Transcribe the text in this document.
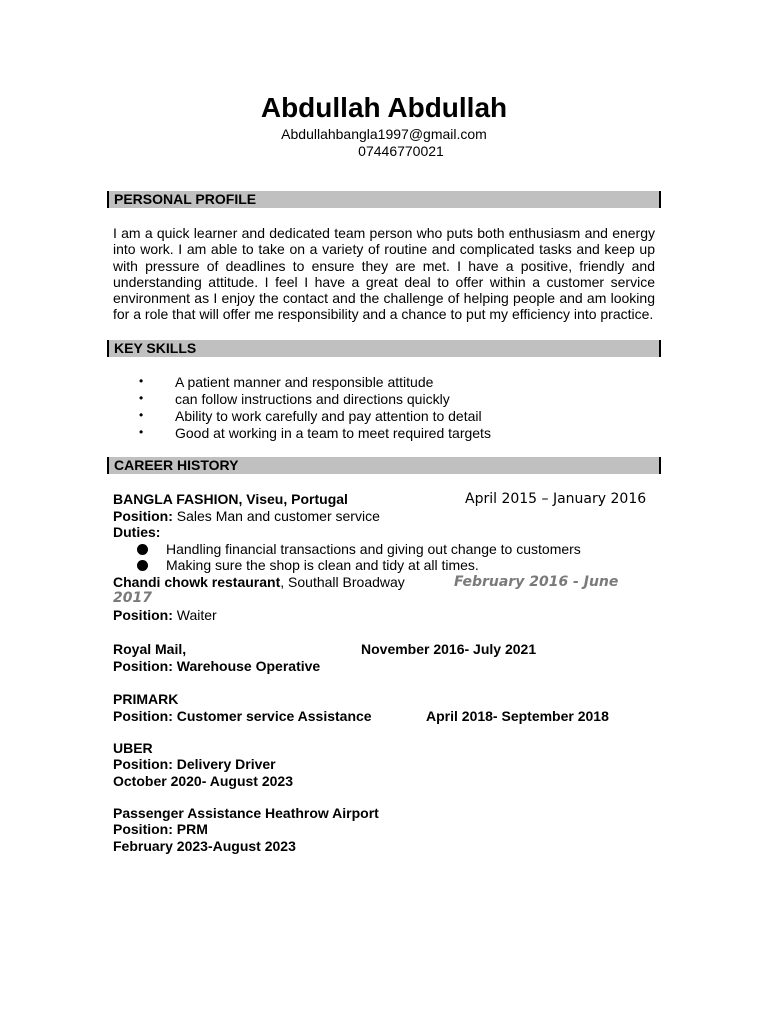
Abdullah Abdullah
Abdullahbangla1997@gmail.com
07446770021
PERSONAL PROFILE
I am a quick learner and dedicated team person who puts both enthusiasm and energy into work. I am able to take on a variety of routine and complicated tasks and keep up with pressure of deadlines to ensure they are met. I have a positive, friendly and understanding attitude. I feel I have a great deal to offer within a customer service environment as I enjoy the contact and the challenge of helping people and am looking for a role that will offer me responsibility and a chance to put my efficiency into practice.
KEY SKILLS
• A patient manner and responsible attitude
• can follow instructions and directions quickly
• Ability to work carefully and pay attention to detail
• Good at working in a team to meet required targets
CAREER HISTORY
BANGLA FASHION, Viseu, Portugal	April 2015 – January 2016
Position: Sales Man and customer service
Duties:
Handling financial transactions and giving out change to customers
Making sure the shop is clean and tidy at all times.
Chandi chowk restaurant, Southall Broadway	February 2016 - June
2017
Position: Waiter
Royal Mail,	November 2016- July 2021
Position: Warehouse Operative
PRIMARK
Position: Customer service Assistance	April 2018- September 2018
UBER
Position: Delivery Driver
October 2020- August 2023
Passenger Assistance Heathrow Airport
Position: PRM
February 2023-August 2023
